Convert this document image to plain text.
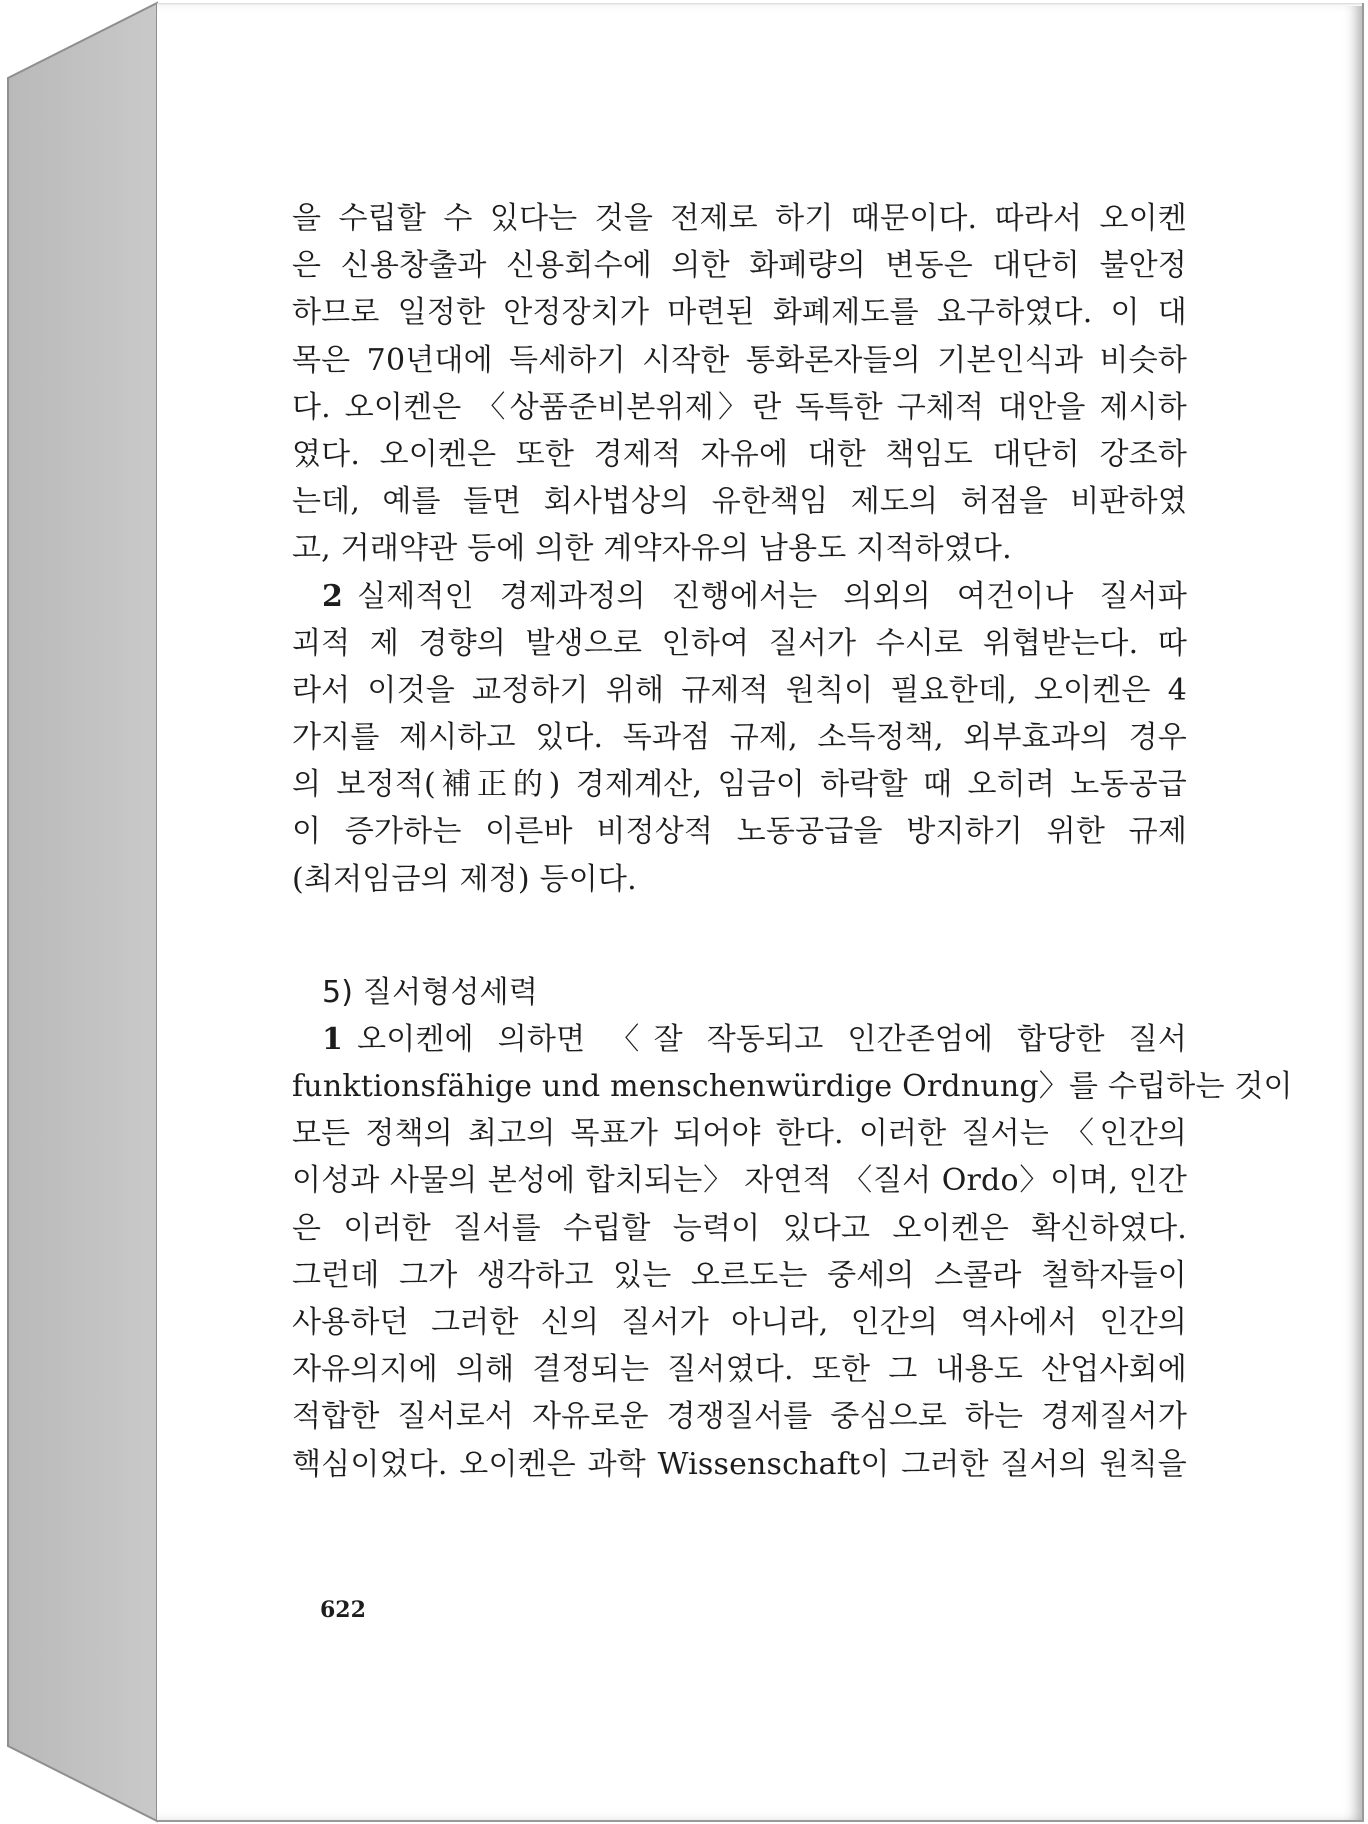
을 수립할 수 있다는 것을 전제로 하기 때문이다. 따라서 오이켄
은 신용창출과 신용회수에 의한 화폐량의 변동은 대단히 불안정
하므로 일정한 안정장치가 마련된 화폐제도를 요구하였다. 이 대
목은 70년대에 득세하기 시작한 통화론자들의 기본인식과 비슷하
다. 오이켄은 〈상품준비본위제〉란 독특한 구체적 대안을 제시하
였다. 오이켄은 또한 경제적 자유에 대한 책임도 대단히 강조하
는데, 예를 들면 회사법상의 유한책임 제도의 허점을 비판하였
고, 거래약관 등에 의한 계약자유의 남용도 지적하였다.
2 실제적인 경제과정의 진행에서는 의외의 여건이나 질서파
괴적 제 경향의 발생으로 인하여 질서가 수시로 위협받는다. 따
라서 이것을 교정하기 위해 규제적 원칙이 필요한데, 오이켄은 4
가지를 제시하고 있다. 독과점 규제, 소득정책, 외부효과의 경우
의 보정적(補正的) 경제계산, 임금이 하락할 때 오히려 노동공급
이 증가하는 이른바 비정상적 노동공급을 방지하기 위한 규제
(최저임금의 제정) 등이다.
5) 질서형성세력
1 오이켄에 의하면 〈잘 작동되고 인간존엄에 합당한 질서
funktionsfähige und menschenwürdige Ordnung〉를 수립하는 것이
모든 정책의 최고의 목표가 되어야 한다. 이러한 질서는 〈인간의
이성과 사물의 본성에 합치되는〉 자연적 〈질서 Ordo〉이며, 인간
은 이러한 질서를 수립할 능력이 있다고 오이켄은 확신하였다.
그런데 그가 생각하고 있는 오르도는 중세의 스콜라 철학자들이
사용하던 그러한 신의 질서가 아니라, 인간의 역사에서 인간의
자유의지에 의해 결정되는 질서였다. 또한 그 내용도 산업사회에
적합한 질서로서 자유로운 경쟁질서를 중심으로 하는 경제질서가
핵심이었다. 오이켄은 과학 Wissenschaft이 그러한 질서의 원칙을
622
